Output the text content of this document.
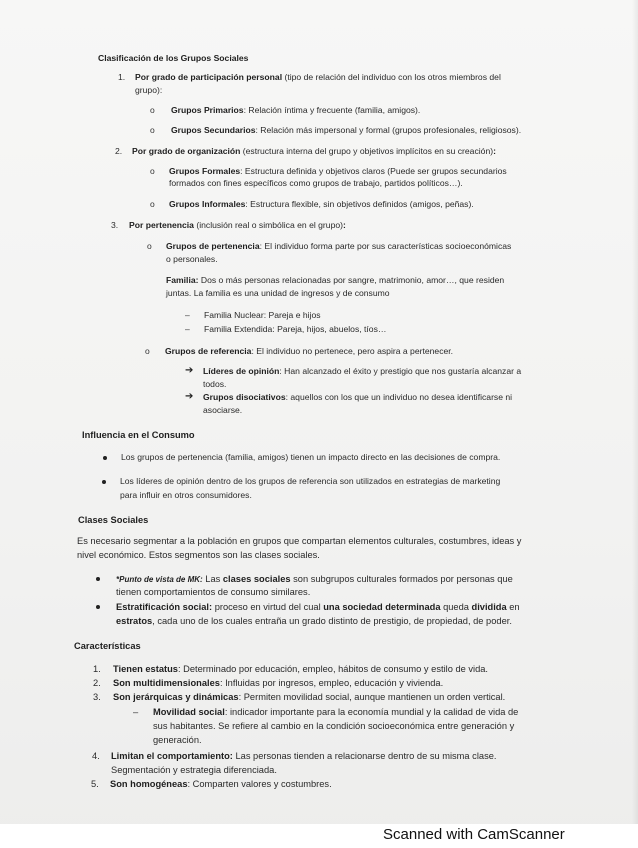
Clasificación de los Grupos Sociales
1. Por grado de participación personal (tipo de relación del individuo con los otros miembros del
grupo):
o Grupos Primarios: Relación íntima y frecuente (familia, amigos).
o Grupos Secundarios: Relación más impersonal y formal (grupos profesionales, religiosos).
2. Por grado de organización (estructura interna del grupo y objetivos implícitos en su creación):
o Grupos Formales: Estructura definida y objetivos claros (Puede ser grupos secundarios
formados con fines específicos como grupos de trabajo, partidos políticos…).
o Grupos Informales: Estructura flexible, sin objetivos definidos (amigos, peñas).
3. Por pertenencia (inclusión real o simbólica en el grupo):
o Grupos de pertenencia: El individuo forma parte por sus características socioeconómicas
o personales.
Familia: Dos o más personas relacionadas por sangre, matrimonio, amor…, que residen
juntas. La familia es una unidad de ingresos y de consumo
– Familia Nuclear: Pareja e hijos
– Familia Extendida: Pareja, hijos, abuelos, tíos…
o Grupos de referencia: El individuo no pertenece, pero aspira a pertenecer.
➔ Líderes de opinión: Han alcanzado el éxito y prestigio que nos gustaría alcanzar a
todos.
➔ Grupos disociativos: aquellos con los que un individuo no desea identificarse ni
asociarse.
Influencia en el Consumo
Los grupos de pertenencia (familia, amigos) tienen un impacto directo en las decisiones de compra.
Los líderes de opinión dentro de los grupos de referencia son utilizados en estrategias de marketing
para influir en otros consumidores.
Clases Sociales
Es necesario segmentar a la población en grupos que compartan elementos culturales, costumbres, ideas y
nivel económico. Estos segmentos son las clases sociales.
*Punto de vista de MK: Las clases sociales son subgrupos culturales formados por personas que
tienen comportamientos de consumo similares.
Estratificación social: proceso en virtud del cual una sociedad determinada queda dividida en
estratos, cada uno de los cuales entraña un grado distinto de prestigio, de propiedad, de poder.
Características
1. Tienen estatus: Determinado por educación, empleo, hábitos de consumo y estilo de vida.
2. Son multidimensionales: Influidas por ingresos, empleo, educación y vivienda.
3. Son jerárquicas y dinámicas: Permiten movilidad social, aunque mantienen un orden vertical.
– Movilidad social: indicador importante para la economía mundial y la calidad de vida de
sus habitantes. Se refiere al cambio en la condición socioeconómica entre generación y
generación.
4. Limitan el comportamiento: Las personas tienden a relacionarse dentro de su misma clase.
Segmentación y estrategia diferenciada.
5. Son homogéneas: Comparten valores y costumbres.
Scanned with CamScanner
